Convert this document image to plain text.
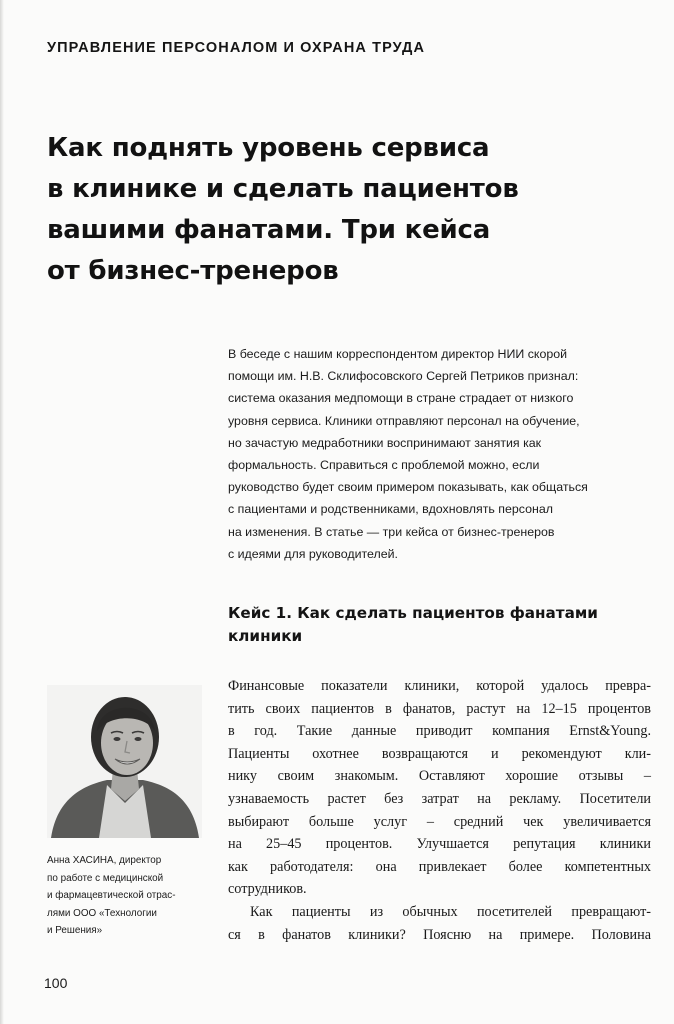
УПРАВЛЕНИЕ ПЕРСОНАЛОМ И ОХРАНА ТРУДА
Как поднять уровень сервиса
в клинике и сделать пациентов
вашими фанатами. Три кейса
от бизнес-тренеров
В беседе с нашим корреспондентом директор НИИ скорой
помощи им. Н.В. Склифосовского Сергей Петриков признал:
система оказания медпомощи в стране страдает от низкого
уровня сервиса. Клиники отправляют персонал на обучение,
но зачастую медработники воспринимают занятия как
формальность. Справиться с проблемой можно, если
руководство будет своим примером показывать, как общаться
с пациентами и родственниками, вдохновлять персонал
на изменения. В статье — три кейса от бизнес-тренеров
с идеями для руководителей.
Кейс 1. Как сделать пациентов фанатами
клиники
Финансовые показатели клиники, которой удалось превра-
тить своих пациентов в фанатов, растут на 12–15 процентов
в год. Такие данные приводит компания Ernst&Young.
Пациенты охотнее возвращаются и рекомендуют кли-
нику своим знакомым. Оставляют хорошие отзывы –
узнаваемость растет без затрат на рекламу. Посетители
выбирают больше услуг – средний чек увеличивается
на 25–45 процентов. Улучшается репутация клиники
как работодателя: она привлекает более компетентных
сотрудников.
Как пациенты из обычных посетителей превращают-
ся в фанатов клиники? Поясню на примере. Половина
Анна ХАСИНА, директор
по работе с медицинской
и фармацевтической отрас-
лями ООО «Технологии
и Решения»
100
